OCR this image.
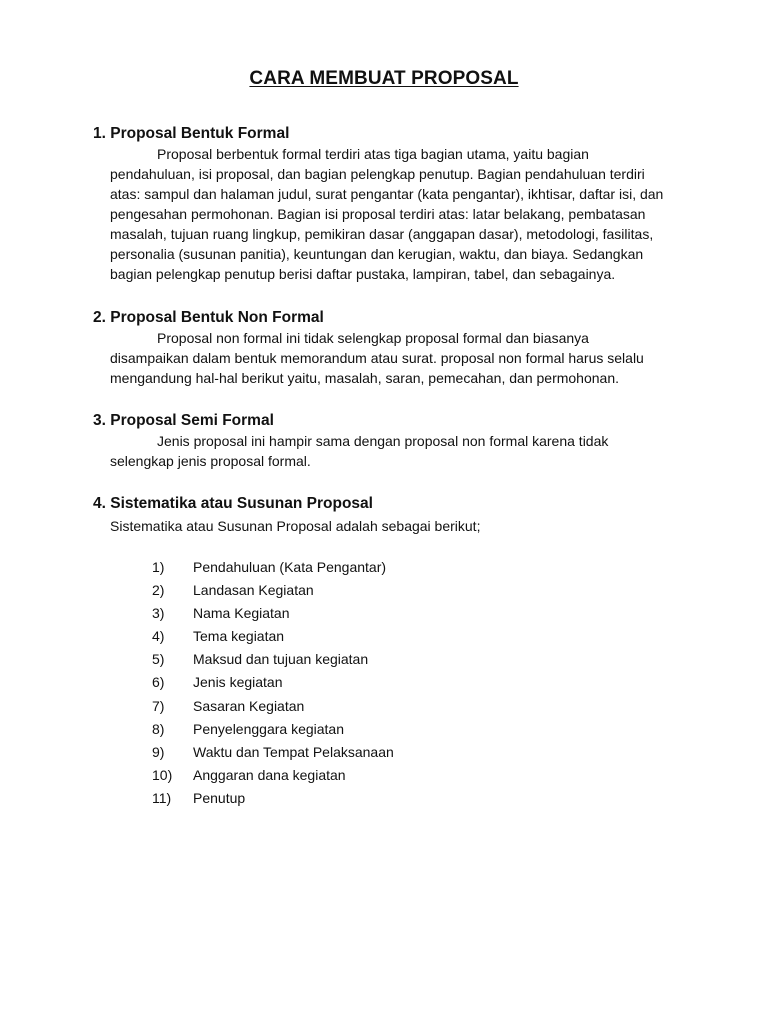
CARA MEMBUAT PROPOSAL
1. Proposal Bentuk Formal

Proposal berbentuk formal terdiri atas tiga bagian utama, yaitu bagian pendahuluan, isi proposal, dan bagian pelengkap penutup. Bagian pendahuluan terdiri atas: sampul dan halaman judul, surat pengantar (kata pengantar), ikhtisar, daftar isi, dan pengesahan permohonan. Bagian isi proposal terdiri atas: latar belakang, pembatasan masalah, tujuan ruang lingkup, pemikiran dasar (anggapan dasar), metodologi, fasilitas, personalia (susunan panitia), keuntungan dan kerugian, waktu, dan biaya. Sedangkan bagian pelengkap penutup berisi daftar pustaka, lampiran, tabel, dan sebagainya.

2. Proposal Bentuk Non Formal

Proposal non formal ini tidak selengkap proposal formal dan biasanya disampaikan dalam bentuk memorandum atau surat. proposal non formal harus selalu mengandung hal-hal berikut yaitu, masalah, saran, pemecahan, dan permohonan.

3. Proposal Semi Formal

Jenis proposal ini hampir sama dengan proposal non formal karena tidak selengkap jenis proposal formal.

4. Sistematika atau Susunan Proposal

Sistematika atau Susunan Proposal adalah sebagai berikut;

1)	Pendahuluan (Kata Pengantar)
2)	Landasan Kegiatan
3)	Nama Kegiatan
4)	Tema kegiatan
5)	Maksud dan tujuan kegiatan
6)	Jenis kegiatan
7)	Sasaran Kegiatan
8)	Penyelenggara kegiatan
9)	Waktu dan Tempat Pelaksanaan
10)	Anggaran dana kegiatan
11)	Penutup
